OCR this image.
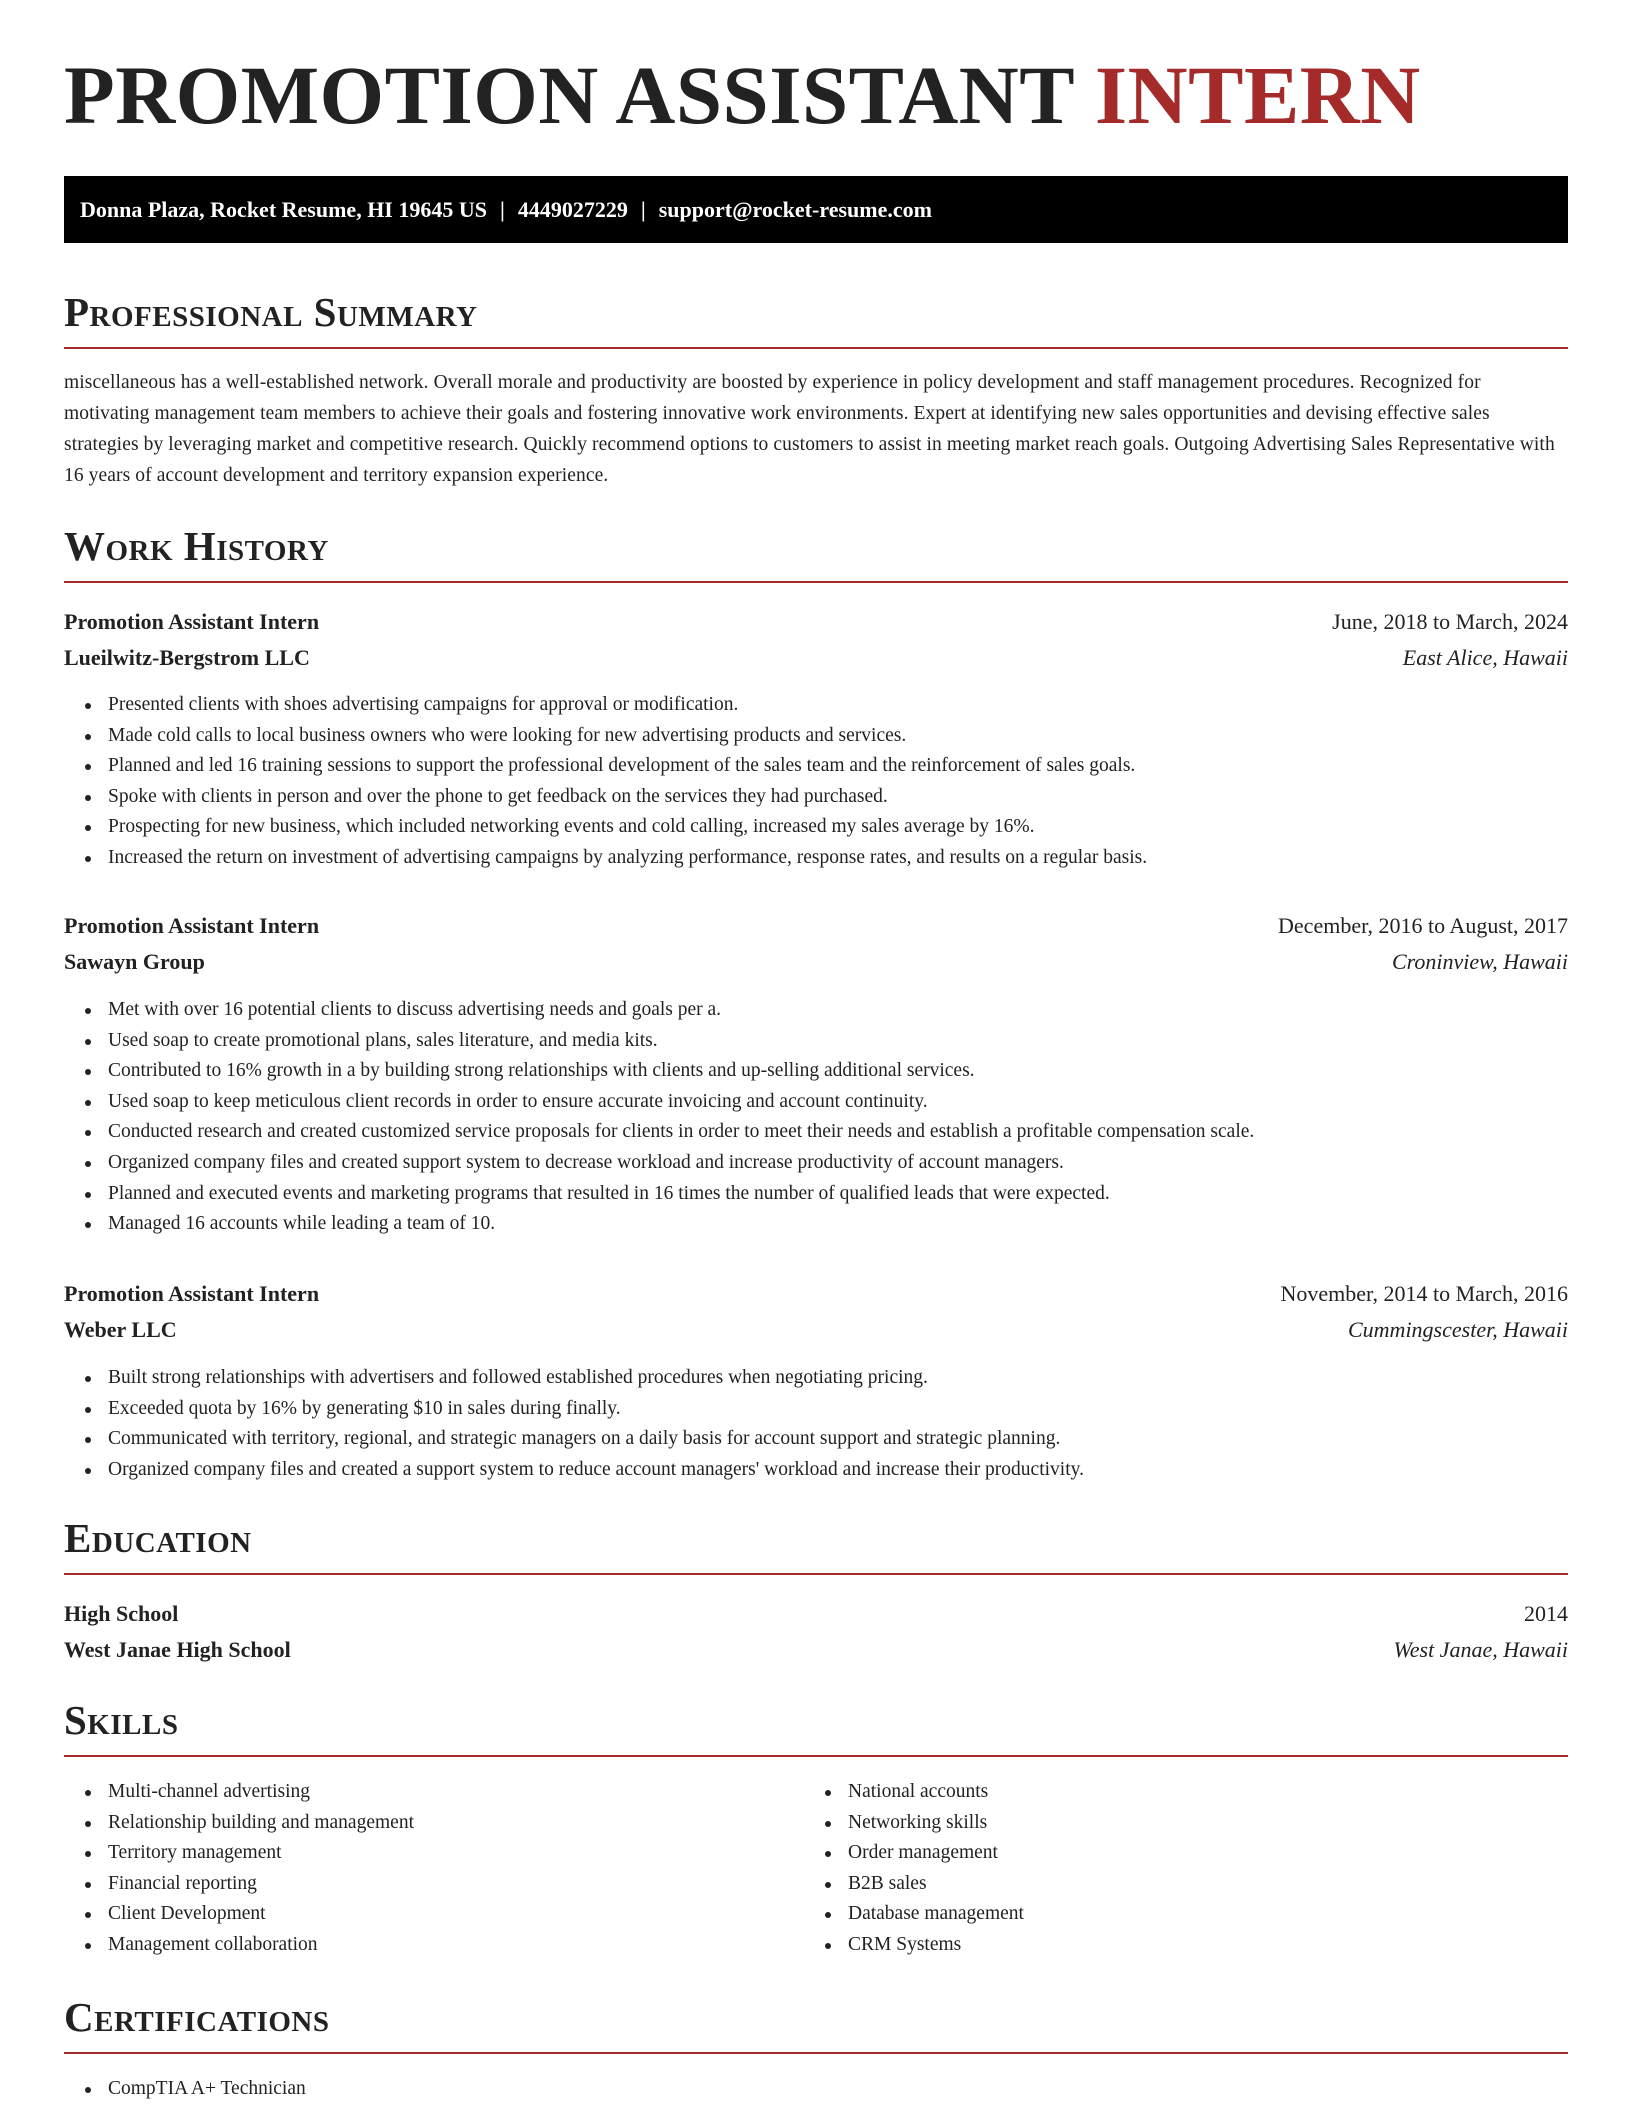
PROMOTION ASSISTANT INTERN
Donna Plaza, Rocket Resume, HI 19645 US | 4449027229 | support@rocket-resume.com
Professional Summary

miscellaneous has a well-established network. Overall morale and productivity are boosted by experience in policy development and staff management procedures. Recognized for motivating management team members to achieve their goals and fostering innovative work environments. Expert at identifying new sales opportunities and devising effective sales strategies by leveraging market and competitive research. Quickly recommend options to customers to assist in meeting market reach goals. Outgoing Advertising Sales Representative with 16 years of account development and territory expansion experience.

Work History
Promotion Assistant Intern	June, 2018 to March, 2024
Lueilwitz-Bergstrom LLC	East Alice, Hawaii
Presented clients with shoes advertising campaigns for approval or modification.
Made cold calls to local business owners who were looking for new advertising products and services.
Planned and led 16 training sessions to support the professional development of the sales team and the reinforcement of sales goals.
Spoke with clients in person and over the phone to get feedback on the services they had purchased.
Prospecting for new business, which included networking events and cold calling, increased my sales average by 16%.
Increased the return on investment of advertising campaigns by analyzing performance, response rates, and results on a regular basis.
Promotion Assistant Intern	December, 2016 to August, 2017
Sawayn Group	Croninview, Hawaii
Met with over 16 potential clients to discuss advertising needs and goals per a.
Used soap to create promotional plans, sales literature, and media kits.
Contributed to 16% growth in a by building strong relationships with clients and up-selling additional services.
Used soap to keep meticulous client records in order to ensure accurate invoicing and account continuity.
Conducted research and created customized service proposals for clients in order to meet their needs and establish a profitable compensation scale.
Organized company files and created support system to decrease workload and increase productivity of account managers.
Planned and executed events and marketing programs that resulted in 16 times the number of qualified leads that were expected.
Managed 16 accounts while leading a team of 10.
Promotion Assistant Intern	November, 2014 to March, 2016
Weber LLC	Cummingscester, Hawaii
Built strong relationships with advertisers and followed established procedures when negotiating pricing.
Exceeded quota by 16% by generating $10 in sales during finally.
Communicated with territory, regional, and strategic managers on a daily basis for account support and strategic planning.
Organized company files and created a support system to reduce account managers' workload and increase their productivity.
Education
High School	2014
West Janae High School	West Janae, Hawaii
Skills
Multi-channel advertising
Relationship building and management
Territory management
Financial reporting
Client Development
Management collaboration
National accounts
Networking skills
Order management
B2B sales
Database management
CRM Systems
Certifications
CompTIA A+ Technician
